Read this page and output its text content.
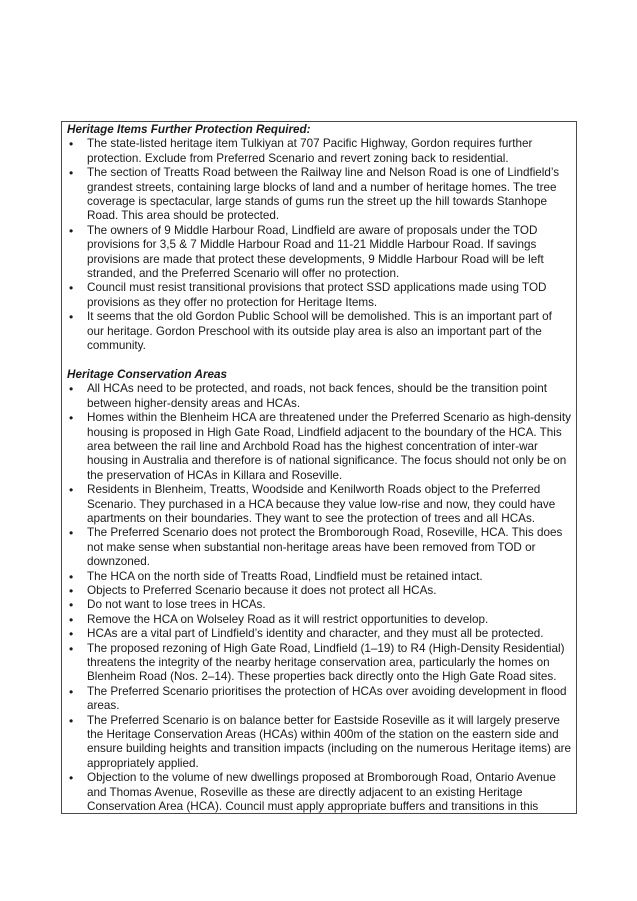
Heritage Items Further Protection Required:
• The state-listed heritage item Tulkiyan at 707 Pacific Highway, Gordon requires further protection. Exclude from Preferred Scenario and revert zoning back to residential.
• The section of Treatts Road between the Railway line and Nelson Road is one of Lindfield’s grandest streets, containing large blocks of land and a number of heritage homes. The tree coverage is spectacular, large stands of gums run the street up the hill towards Stanhope Road. This area should be protected.
• The owners of 9 Middle Harbour Road, Lindfield are aware of proposals under the TOD provisions for 3,5 & 7 Middle Harbour Road and 11-21 Middle Harbour Road. If savings provisions are made that protect these developments, 9 Middle Harbour Road will be left stranded, and the Preferred Scenario will offer no protection.
• Council must resist transitional provisions that protect SSD applications made using TOD provisions as they offer no protection for Heritage Items.
• It seems that the old Gordon Public School will be demolished. This is an important part of our heritage. Gordon Preschool with its outside play area is also an important part of the community.
Heritage Conservation Areas
• All HCAs need to be protected, and roads, not back fences, should be the transition point between higher-density areas and HCAs.
• Homes within the Blenheim HCA are threatened under the Preferred Scenario as high-density housing is proposed in High Gate Road, Lindfield adjacent to the boundary of the HCA. This area between the rail line and Archbold Road has the highest concentration of inter-war housing in Australia and therefore is of national significance. The focus should not only be on the preservation of HCAs in Killara and Roseville.
• Residents in Blenheim, Treatts, Woodside and Kenilworth Roads object to the Preferred Scenario. They purchased in a HCA because they value low-rise and now, they could have apartments on their boundaries. They want to see the protection of trees and all HCAs.
• The Preferred Scenario does not protect the Bromborough Road, Roseville, HCA. This does not make sense when substantial non-heritage areas have been removed from TOD or downzoned.
• The HCA on the north side of Treatts Road, Lindfield must be retained intact.
• Objects to Preferred Scenario because it does not protect all HCAs.
• Do not want to lose trees in HCAs.
• Remove the HCA on Wolseley Road as it will restrict opportunities to develop.
• HCAs are a vital part of Lindfield’s identity and character, and they must all be protected.
• The proposed rezoning of High Gate Road, Lindfield (1–19) to R4 (High-Density Residential) threatens the integrity of the nearby heritage conservation area, particularly the homes on Blenheim Road (Nos. 2–14). These properties back directly onto the High Gate Road sites.
• The Preferred Scenario prioritises the protection of HCAs over avoiding development in flood areas.
• The Preferred Scenario is on balance better for Eastside Roseville as it will largely preserve the Heritage Conservation Areas (HCAs) within 400m of the station on the eastern side and ensure building heights and transition impacts (including on the numerous Heritage items) are appropriately applied.
• Objection to the volume of new dwellings proposed at Bromborough Road, Ontario Avenue and Thomas Avenue, Roseville as these are directly adjacent to an existing Heritage Conservation Area (HCA). Council must apply appropriate buffers and transitions in this
